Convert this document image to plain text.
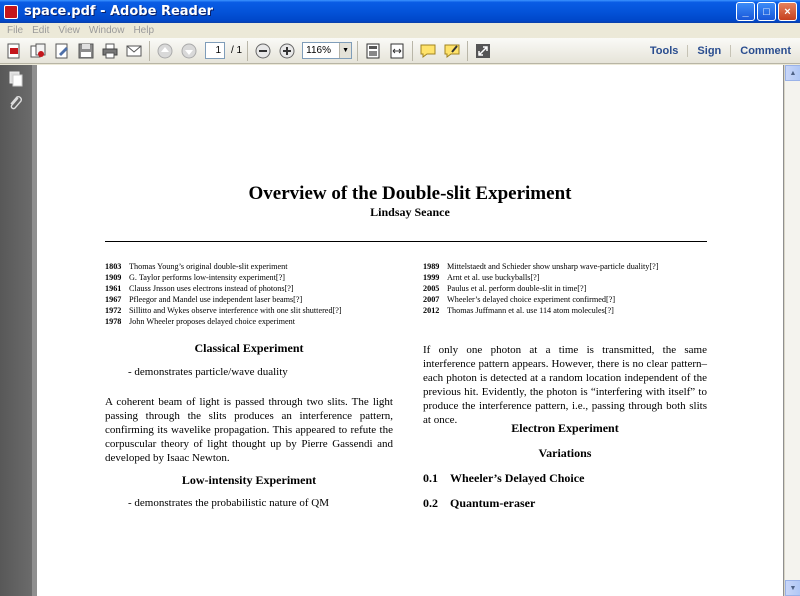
space.pdf - Adobe Reader	_	□	×
File Edit View Window Help
1	/ 1	116%	▼	Tools	Sign	Comment
Overview of the Double-slit Experiment
Lindsay Seance
1803 Thomas Young’s original double-slit experiment
1909 G. Taylor performs low-intensity experiment[?]
1961 Clauss Jnsson uses electrons instead of photons[?]
1967 Pfleegor and Mandel use independent laser beams[?]
1972 Sillitto and Wykes observe interference with one slit shuttered[?]
1978 John Wheeler proposes delayed choice experiment
1989 Mittelstaedt and Schieder show unsharp wave-particle duality[?]
1999 Arnt et al. use buckyballs[?]
2005 Paulus et al. perform double-slit in time[?]
2007 Wheeler’s delayed choice experiment confirmed[?]
2012 Thomas Juffmann et al. use 114 atom molecules[?]
Classical Experiment
- demonstrates particle/wave duality
A coherent beam of light is passed through two slits. The light passing through the slits produces an interference pattern, confirming its wavelike propagation. This appeared to refute the corpuscular theory of light thought up by Pierre Gassendi and developed by Isaac Newton.
Low-intensity Experiment
- demonstrates the probabilistic nature of QM
If only one photon at a time is transmitted, the same interference pattern appears. However, there is no clear pattern–each photon is detected at a random location independent of the previous hit. Evidently, the photon is “interfering with itself” to produce the interference pattern, i.e., passing through both slits at once.
Electron Experiment
Variations
0.1 Wheeler’s Delayed Choice
0.2 Quantum-eraser
▲
▼
